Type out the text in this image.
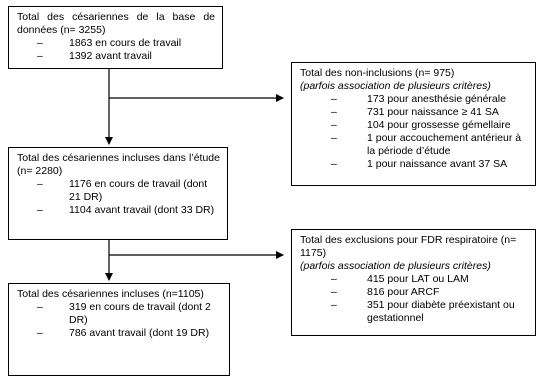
Total des césariennes de la base de données (n= 3255)

– 1863 en cours de travail
– 1392 avant travail

Total des non-inclusions (n= 975)

(parfois association de plusieurs critères)

– 173 pour anesthésie générale
– 731 pour naissance ≥ 41 SA
– 104 pour grossesse gémellaire
– 1 pour accouchement antérieur à la période d’étude
– 1 pour naissance avant 37 SA

Total des césariennes incluses dans l’étude (n= 2280)

– 1176 en cours de travail (dont 21 DR)
– 1104 avant travail (dont 33 DR)

Total des exclusions pour FDR respiratoire (n= 1175)

(parfois association de plusieurs critères)

– 415 pour LAT ou LAM
– 816 pour ARCF
– 351 pour diabète préexistant ou gestationnel

Total des césariennes incluses (n=1105)

– 319 en cours de travail (dont 2 DR)
– 786 avant travail (dont 19 DR)
